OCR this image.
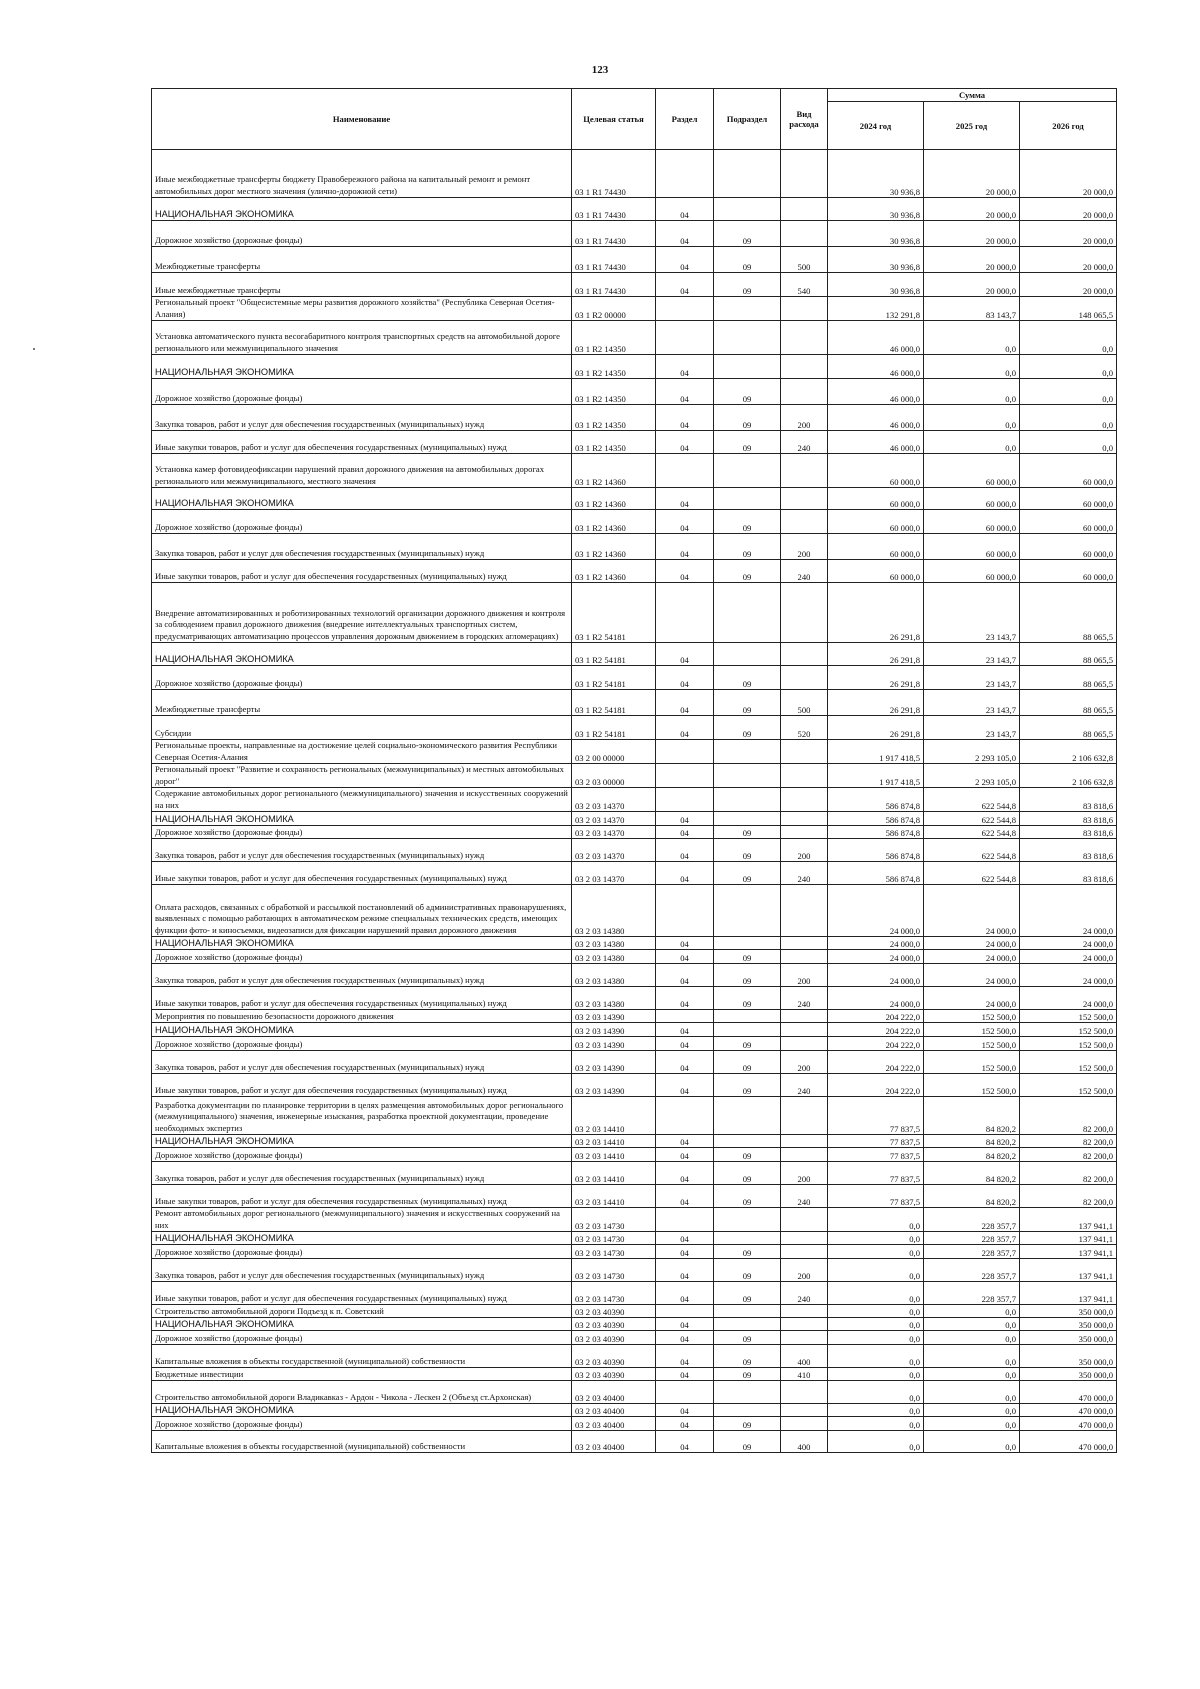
123
Наименование	Целевая статья	Раздел	Подраздел	Вид расхода	Сумма		
					2024 год	2025 год	2026 год
Иные межбюджетные трансферты бюджету Правобережного района на капитальный ремонт и ремонт автомобильных дорог местного значения (улично-дорожной сети)	03 1 R1 74430				30 936,8	20 000,0	20 000,0
НАЦИОНАЛЬНАЯ ЭКОНОМИКА	03 1 R1 74430	04			30 936,8	20 000,0	20 000,0
Дорожное хозяйство (дорожные фонды)	03 1 R1 74430	04	09		30 936,8	20 000,0	20 000,0
Межбюджетные трансферты	03 1 R1 74430	04	09	500	30 936,8	20 000,0	20 000,0
Иные межбюджетные трансферты	03 1 R1 74430	04	09	540	30 936,8	20 000,0	20 000,0
Региональный проект "Общесистемные меры развития дорожного хозяйства" (Республика Северная Осетия-Алания)	03 1 R2 00000				132 291,8	83 143,7	148 065,5
Установка автоматического пункта весогабаритного контроля транспортных средств на автомобильной дороге регионального или межмуниципального значения	03 1 R2 14350				46 000,0	0,0	0,0
НАЦИОНАЛЬНАЯ ЭКОНОМИКА	03 1 R2 14350	04			46 000,0	0,0	0,0
Дорожное хозяйство (дорожные фонды)	03 1 R2 14350	04	09		46 000,0	0,0	0,0
Закупка товаров, работ и услуг для обеспечения государственных (муниципальных) нужд	03 1 R2 14350	04	09	200	46 000,0	0,0	0,0
Иные закупки товаров, работ и услуг для обеспечения государственных (муниципальных) нужд	03 1 R2 14350	04	09	240	46 000,0	0,0	0,0
Установка камер фотовидеофиксации нарушений правил дорожного движения на автомобильных дорогах регионального или межмуниципального, местного значения	03 1 R2 14360				60 000,0	60 000,0	60 000,0
НАЦИОНАЛЬНАЯ ЭКОНОМИКА	03 1 R2 14360	04			60 000,0	60 000,0	60 000,0
Дорожное хозяйство (дорожные фонды)	03 1 R2 14360	04	09		60 000,0	60 000,0	60 000,0
Закупка товаров, работ и услуг для обеспечения государственных (муниципальных) нужд	03 1 R2 14360	04	09	200	60 000,0	60 000,0	60 000,0
Иные закупки товаров, работ и услуг для обеспечения государственных (муниципальных) нужд	03 1 R2 14360	04	09	240	60 000,0	60 000,0	60 000,0
Внедрение автоматизированных и роботизированных технологий организации дорожного движения и контроля за соблюдением правил дорожного движения (внедрение интеллектуальных транспортных систем, предусматривающих автоматизацию процессов управления дорожным движением в городских агломерациях)	03 1 R2 54181				26 291,8	23 143,7	88 065,5
НАЦИОНАЛЬНАЯ ЭКОНОМИКА	03 1 R2 54181	04			26 291,8	23 143,7	88 065,5
Дорожное хозяйство (дорожные фонды)	03 1 R2 54181	04	09		26 291,8	23 143,7	88 065,5
Межбюджетные трансферты	03 1 R2 54181	04	09	500	26 291,8	23 143,7	88 065,5
Субсидии	03 1 R2 54181	04	09	520	26 291,8	23 143,7	88 065,5
Региональные проекты, направленные на достижение целей социально-экономического развития Республики Северная Осетия-Алания	03 2 00 00000				1 917 418,5	2 293 105,0	2 106 632,8
Региональный проект "Развитие и сохранность региональных (межмуниципальных) и местных автомобильных дорог"	03 2 03 00000				1 917 418,5	2 293 105,0	2 106 632,8
Содержание автомобильных дорог регионального (межмуниципального) значения и искусственных сооружений на них	03 2 03 14370				586 874,8	622 544,8	83 818,6
НАЦИОНАЛЬНАЯ ЭКОНОМИКА	03 2 03 14370	04			586 874,8	622 544,8	83 818,6
Дорожное хозяйство (дорожные фонды)	03 2 03 14370	04	09		586 874,8	622 544,8	83 818,6
Закупка товаров, работ и услуг для обеспечения государственных (муниципальных) нужд	03 2 03 14370	04	09	200	586 874,8	622 544,8	83 818,6
Иные закупки товаров, работ и услуг для обеспечения государственных (муниципальных) нужд	03 2 03 14370	04	09	240	586 874,8	622 544,8	83 818,6
Оплата расходов, связанных с обработкой и рассылкой постановлений об административных правонарушениях, выявленных с помощью работающих в автоматическом режиме специальных технических средств, имеющих функции фото- и киносъемки, видеозаписи для фиксации нарушений правил дорожного движения	03 2 03 14380				24 000,0	24 000,0	24 000,0
НАЦИОНАЛЬНАЯ ЭКОНОМИКА	03 2 03 14380	04			24 000,0	24 000,0	24 000,0
Дорожное хозяйство (дорожные фонды)	03 2 03 14380	04	09		24 000,0	24 000,0	24 000,0
Закупка товаров, работ и услуг для обеспечения государственных (муниципальных) нужд	03 2 03 14380	04	09	200	24 000,0	24 000,0	24 000,0
Иные закупки товаров, работ и услуг для обеспечения государственных (муниципальных) нужд	03 2 03 14380	04	09	240	24 000,0	24 000,0	24 000,0
Мероприятия по повышению безопасности дорожного движения	03 2 03 14390				204 222,0	152 500,0	152 500,0
НАЦИОНАЛЬНАЯ ЭКОНОМИКА	03 2 03 14390	04			204 222,0	152 500,0	152 500,0
Дорожное хозяйство (дорожные фонды)	03 2 03 14390	04	09		204 222,0	152 500,0	152 500,0
Закупка товаров, работ и услуг для обеспечения государственных (муниципальных) нужд	03 2 03 14390	04	09	200	204 222,0	152 500,0	152 500,0
Иные закупки товаров, работ и услуг для обеспечения государственных (муниципальных) нужд	03 2 03 14390	04	09	240	204 222,0	152 500,0	152 500,0
Разработка документации по планировке территории в целях размещения автомобильных дорог регионального (межмуниципального) значения, инженерные изыскания, разработка проектной документации, проведение необходимых экспертиз	03 2 03 14410				77 837,5	84 820,2	82 200,0
НАЦИОНАЛЬНАЯ ЭКОНОМИКА	03 2 03 14410	04			77 837,5	84 820,2	82 200,0
Дорожное хозяйство (дорожные фонды)	03 2 03 14410	04	09		77 837,5	84 820,2	82 200,0
Закупка товаров, работ и услуг для обеспечения государственных (муниципальных) нужд	03 2 03 14410	04	09	200	77 837,5	84 820,2	82 200,0
Иные закупки товаров, работ и услуг для обеспечения государственных (муниципальных) нужд	03 2 03 14410	04	09	240	77 837,5	84 820,2	82 200,0
Ремонт автомобильных дорог регионального (межмуниципального) значения и искусственных сооружений на них	03 2 03 14730				0,0	228 357,7	137 941,1
НАЦИОНАЛЬНАЯ ЭКОНОМИКА	03 2 03 14730	04			0,0	228 357,7	137 941,1
Дорожное хозяйство (дорожные фонды)	03 2 03 14730	04	09		0,0	228 357,7	137 941,1
Закупка товаров, работ и услуг для обеспечения государственных (муниципальных) нужд	03 2 03 14730	04	09	200	0,0	228 357,7	137 941,1
Иные закупки товаров, работ и услуг для обеспечения государственных (муниципальных) нужд	03 2 03 14730	04	09	240	0,0	228 357,7	137 941,1
Строительство автомобильной дороги Подъезд к п. Советский	03 2 03 40390				0,0	0,0	350 000,0
НАЦИОНАЛЬНАЯ ЭКОНОМИКА	03 2 03 40390	04			0,0	0,0	350 000,0
Дорожное хозяйство (дорожные фонды)	03 2 03 40390	04	09		0,0	0,0	350 000,0
Капитальные вложения в объекты государственной (муниципальной) собственности	03 2 03 40390	04	09	400	0,0	0,0	350 000,0
Бюджетные инвестиции	03 2 03 40390	04	09	410	0,0	0,0	350 000,0
Строительство автомобильной дороги Владикавказ - Ардон - Чикола - Лескен 2 (Объезд ст.Архонская)	03 2 03 40400				0,0	0,0	470 000,0
НАЦИОНАЛЬНАЯ ЭКОНОМИКА	03 2 03 40400	04			0,0	0,0	470 000,0
Дорожное хозяйство (дорожные фонды)	03 2 03 40400	04	09		0,0	0,0	470 000,0
Капитальные вложения в объекты государственной (муниципальной) собственности	03 2 03 40400	04	09	400	0,0	0,0	470 000,0
